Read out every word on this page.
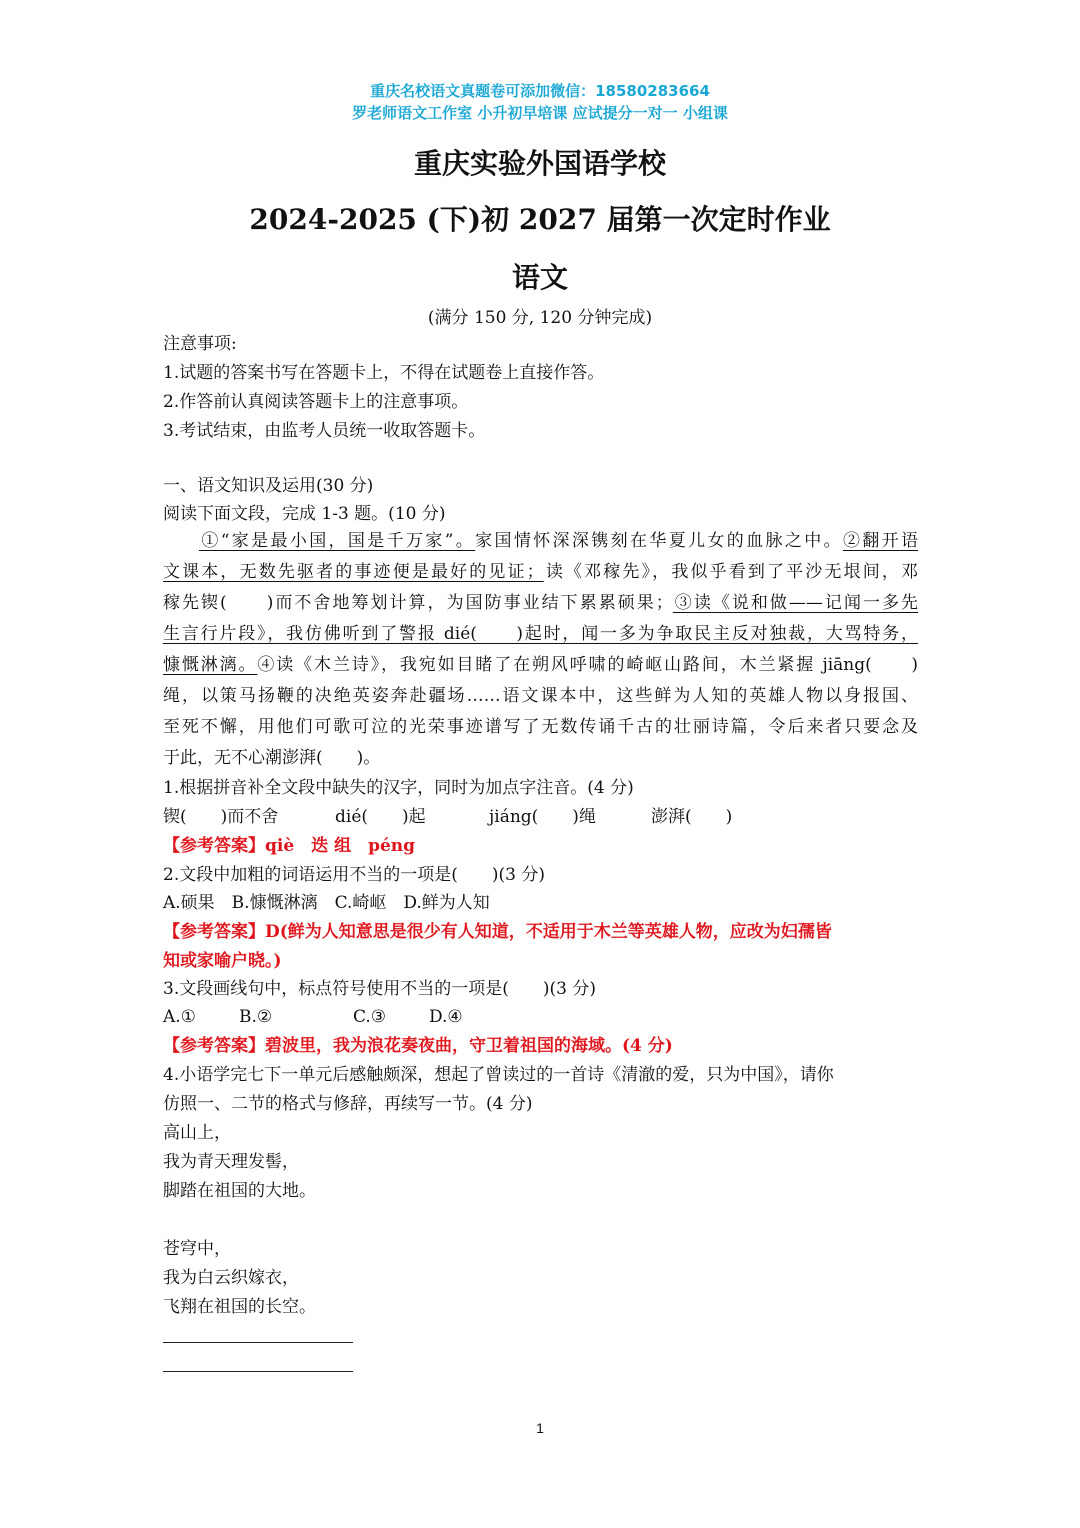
重庆名校语文真题卷可添加微信：18580283664
罗老师语文工作室 小升初早培课 应试提分一对一 小组课
重庆实验外国语学校
2024-2025 (下)初 2027 届第一次定时作业
语文
(满分 150 分, 120 分钟完成)
注意事项:
1.试题的答案书写在答题卡上，不得在试题卷上直接作答。
2.作答前认真阅读答题卡上的注意事项。
3.考试结束，由监考人员统一收取答题卡。
一、语文知识及运用(30 分)
阅读下面文段，完成 1-3 题。(10 分)
①“家是最小国，国是千万家”。家国情怀深深镌刻在华夏儿女的血脉之中。②翻开语
文课本，无数先驱者的事迹便是最好的见证；读《邓稼先》，我似乎看到了平沙无垠间，邓
稼先锲(　　)而不舍地筹划计算，为国防事业结下累累硕果；③读《说和做——记闻一多先
生言行片段》，我仿佛听到了警报 dié(　　)起时，闻一多为争取民主反对独裁，大骂特务，
慷慨淋漓。④读《木兰诗》，我宛如目睹了在朔风呼啸的崎岖山路间，木兰紧握 jiāng(　　)
绳，以策马扬鞭的决绝英姿奔赴疆场……语文课本中，这些鲜为人知的英雄人物以身报国、
至死不懈，用他们可歌可泣的光荣事迹谱写了无数传诵千古的壮丽诗篇，令后来者只要念及
于此，无不心潮澎湃(　　)。
1.根据拼音补全文段中缺失的汉字，同时为加点字注音。(4 分)
锲(　　)而不舍	dié(　　)起	jiáng(　　)绳	澎湃(　　)
【参考答案】qiè　迭 组　péng
2.文段中加粗的词语运用不当的一项是(　　)(3 分)
A.硕果　B.慷慨淋漓　C.崎岖　D.鲜为人知
【参考答案】D(鲜为人知意思是很少有人知道，不适用于木兰等英雄人物，应改为妇孺皆
知或家喻户晓。)
3.文段画线句中，标点符号使用不当的一项是(　　)(3 分)
A.①	B.②	C.③	D.④
【参考答案】碧波里，我为浪花奏夜曲，守卫着祖国的海域。(4 分)
4.小语学完七下一单元后感触颇深，想起了曾读过的一首诗《清澈的爱，只为中国》，请你
仿照一、二节的格式与修辞，再续写一节。(4 分)
高山上，
我为青天理发髻，
脚踏在祖国的大地。
苍穹中，
我为白云织嫁衣，
飞翔在祖国的长空。
1
